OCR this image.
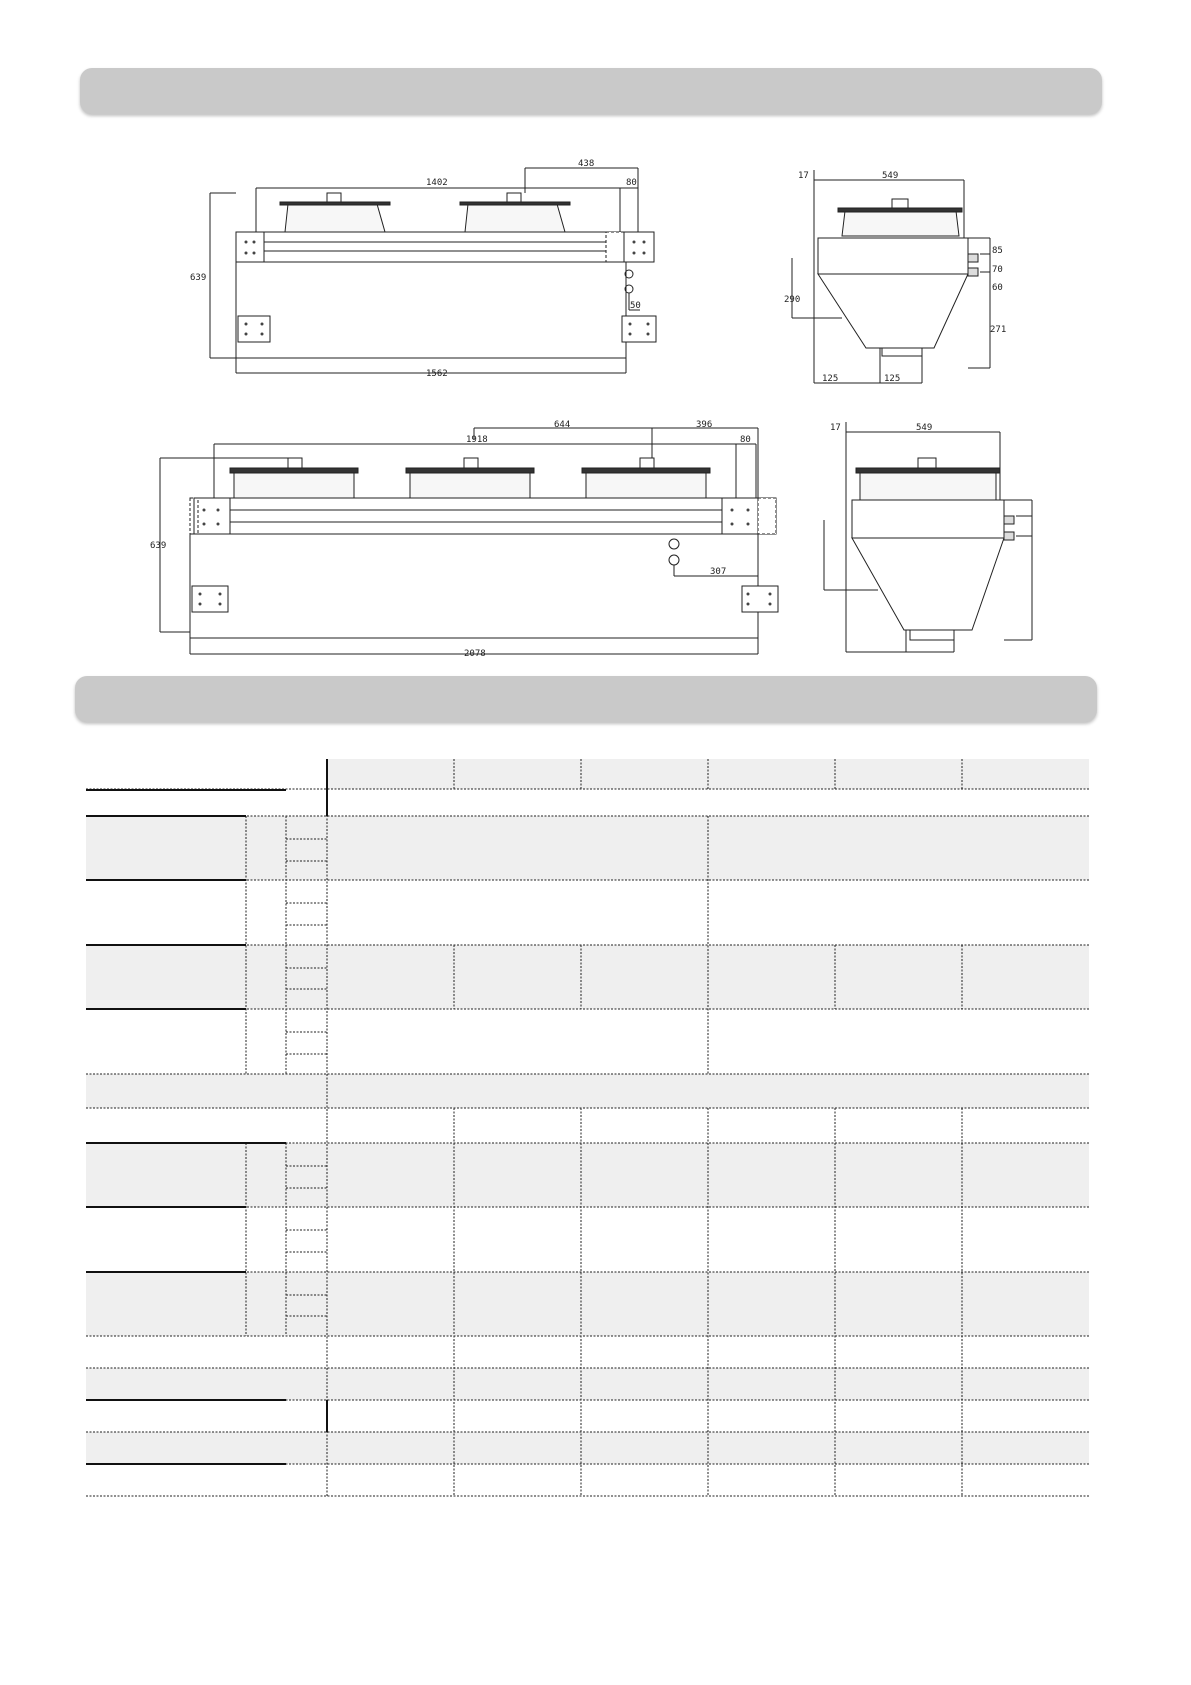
1402
438
80
639
50
1562
17	549
290
125	125
85
70
60
271
1918
644	396
80
639
307
2078
17	549
